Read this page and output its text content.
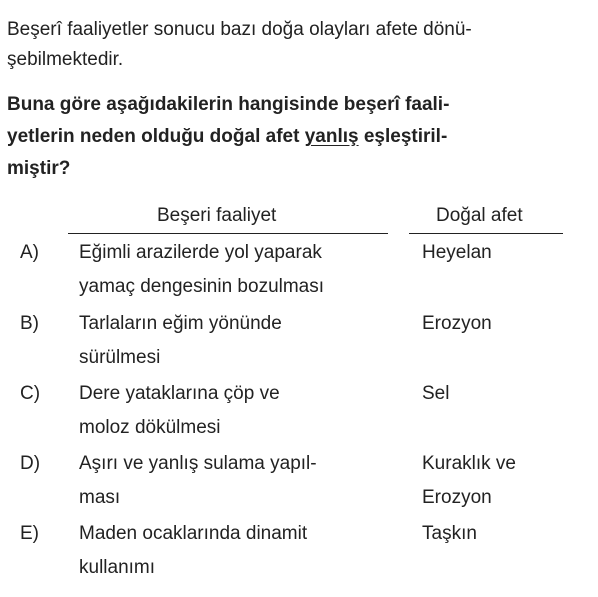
Beşerî faaliyetler sonucu bazı doğa olayları afete dönü-
şebilmektedir.
Buna göre aşağıdakilerin hangisinde beşerî faali-
yetlerin neden olduğu doğal afet yanlış eşleştiril-
miştir?
Beşeri faaliyet	Doğal afet
A) Eğimli arazilerde yol yaparak
yamaç dengesinin bozulması
Heyelan

B) Tarlaların eğim yönünde
sürülmesi
Erozyon

C) Dere yataklarına çöp ve
moloz dökülmesi
Sel

D) Aşırı ve yanlış sulama yapıl-
ması
Kuraklık ve
Erozyon
E) Maden ocaklarında dinamit
kullanımı
Taşkın
